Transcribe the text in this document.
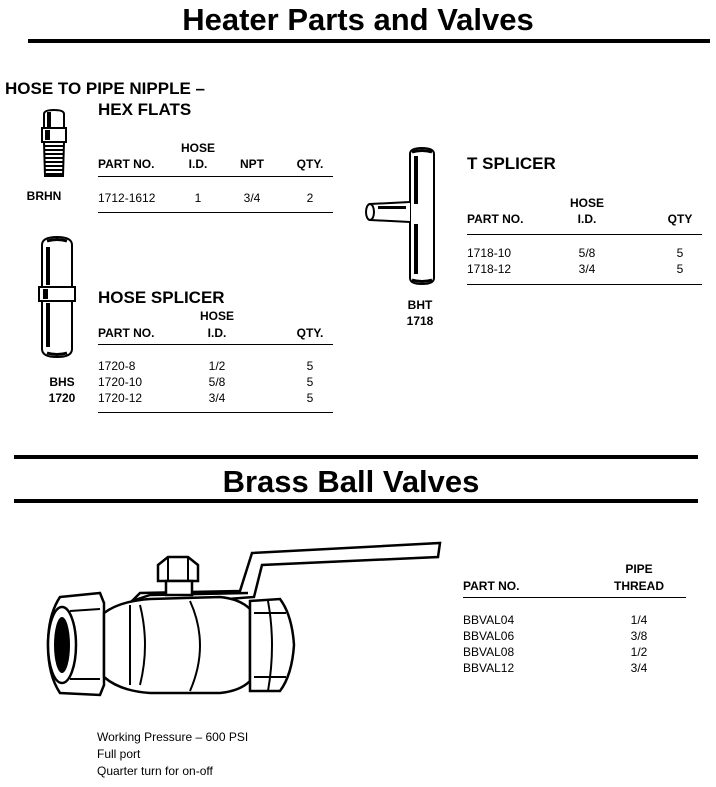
Heater Parts and Valves
HOSE TO PIPE NIPPLE –
HEX FLATS
BRHN
HOSE
PART NO.	I.D.	NPT	QTY.
1712-1612	1	3/4	2
BHS
1720
HOSE SPLICER
HOSE
PART NO.	I.D.	QTY.
1720-8	1/2	5
1720-10	5/8	5
1720-12	3/4	5
BHT
1718
T SPLICER
HOSE
PART NO.	I.D.	QTY
1718-10	5/8	5
1718-12	3/4	5
Brass Ball Valves
Working Pressure – 600 PSI
Full port
Quarter turn for on-off
PIPE
PART NO.	THREAD
BBVAL04	1/4
BBVAL06	3/8
BBVAL08	1/2
BBVAL12	3/4
